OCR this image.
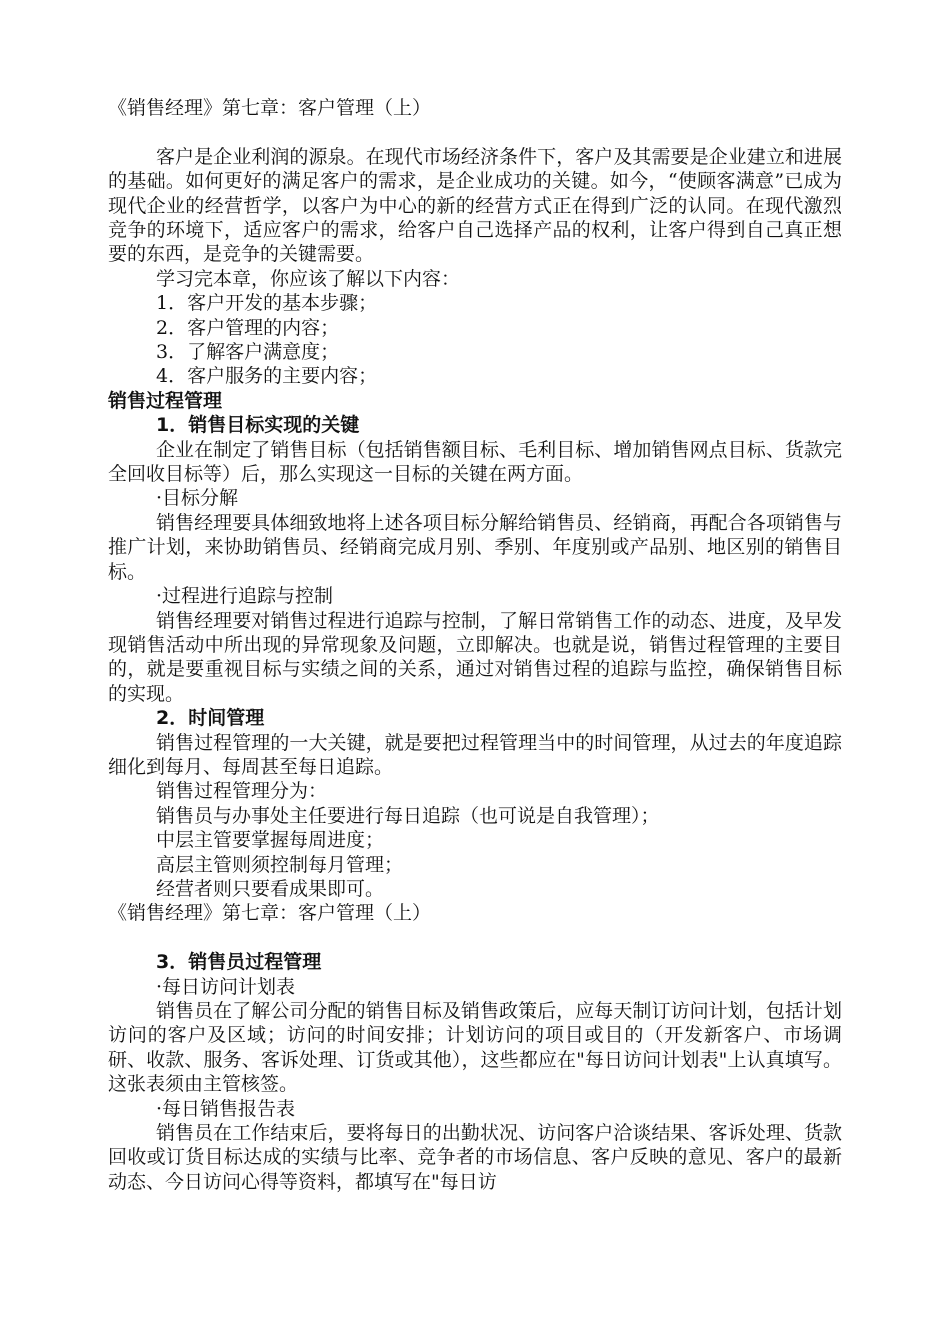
《销售经理》第七章：客户管理（上）

客户是企业利润的源泉。在现代市场经济条件下，客户及其需要是企业建立和进展的基础。如何更好的满足客户的需求，是企业成功的关键。如今，“使顾客满意”已成为现代企业的经营哲学，以客户为中心的新的经营方式正在得到广泛的认同。在现代激烈竞争的环境下，适应客户的需求，给客户自己选择产品的权利，让客户得到自己真正想要的东西，是竞争的关键需要。

学习完本章，你应该了解以下内容：

1．客户开发的基本步骤；

2．客户管理的内容；

3．了解客户满意度；

4．客户服务的主要内容；

销售过程管理

1．销售目标实现的关键

企业在制定了销售目标（包括销售额目标、毛利目标、增加销售网点目标、货款完全回收目标等）后，那么实现这一目标的关键在两方面。

·目标分解

销售经理要具体细致地将上述各项目标分解给销售员、经销商，再配合各项销售与推广计划，来协助销售员、经销商完成月别、季别、年度别或产品别、地区别的销售目标。

·过程进行追踪与控制

销售经理要对销售过程进行追踪与控制，了解日常销售工作的动态、进度，及早发现销售活动中所出现的异常现象及问题，立即解决。也就是说，销售过程管理的主要目的，就是要重视目标与实绩之间的关系，通过对销售过程的追踪与监控，确保销售目标的实现。

2．时间管理

销售过程管理的一大关键，就是要把过程管理当中的时间管理，从过去的年度追踪细化到每月、每周甚至每日追踪。

销售过程管理分为：

销售员与办事处主任要进行每日追踪（也可说是自我管理）；

中层主管要掌握每周进度；

高层主管则须控制每月管理；

经营者则只要看成果即可。

《销售经理》第七章：客户管理（上）

3．销售员过程管理

·每日访问计划表

销售员在了解公司分配的销售目标及销售政策后，应每天制订访问计划，包括计划访问的客户及区域；访问的时间安排；计划访问的项目或目的（开发新客户、市场调研、收款、服务、客诉处理、订货或其他），这些都应在"每日访问计划表"上认真填写。这张表须由主管核签。

·每日销售报告表

销售员在工作结束后，要将每日的出勤状况、访问客户洽谈结果、客诉处理、货款回收或订货目标达成的实绩与比率、竞争者的市场信息、客户反映的意见、客户的最新动态、今日访问心得等资料，都填写在"每日访
